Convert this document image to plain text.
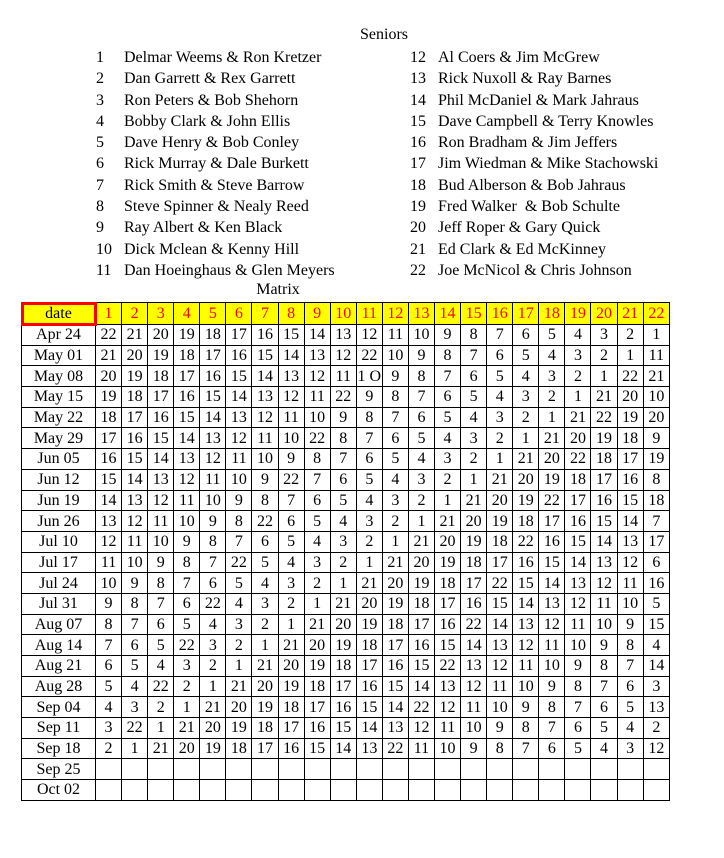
Seniors
1 Delmar Weems & Ron Kretzer
2 Dan Garrett & Rex Garrett
3 Ron Peters & Bob Shehorn
4 Bobby Clark & John Ellis
5 Dave Henry & Bob Conley
6 Rick Murray & Dale Burkett
7 Rick Smith & Steve Barrow
8 Steve Spinner & Nealy Reed
9 Ray Albert & Ken Black
10 Dick Mclean & Kenny Hill
11 Dan Hoeinghaus & Glen Meyers
12 Al Coers & Jim McGrew
13 Rick Nuxoll & Ray Barnes
14 Phil McDaniel & Mark Jahraus
15 Dave Campbell & Terry Knowles
16 Ron Bradham & Jim Jeffers
17 Jim Wiedman & Mike Stachowski
18 Bud Alberson & Bob Jahraus
19 Fred Walker  & Bob Schulte
20 Jeff Roper & Gary Quick
21 Ed Clark & Ed McKinney
22 Joe McNicol & Chris Johnson
Matrix
date	1	2	3	4	5	6	7	8	9	10	11	12	13	14	15	16	17	18	19	20	21	22
Apr 24	22	21	20	19	18	17	16	15	14	13	12	11	10	9	8	7	6	5	4	3	2	1
May 01	21	20	19	18	17	16	15	14	13	12	22	10	9	8	7	6	5	4	3	2	1	11
May 08	20	19	18	17	16	15	14	13	12	11	1 O	9	8	7	6	5	4	3	2	1	22	21
May 15	19	18	17	16	15	14	13	12	11	22	9	8	7	6	5	4	3	2	1	21	20	10
May 22	18	17	16	15	14	13	12	11	10	9	8	7	6	5	4	3	2	1	21	22	19	20
May 29	17	16	15	14	13	12	11	10	22	8	7	6	5	4	3	2	1	21	20	19	18	9
Jun 05	16	15	14	13	12	11	10	9	8	7	6	5	4	3	2	1	21	20	22	18	17	19
Jun 12	15	14	13	12	11	10	9	22	7	6	5	4	3	2	1	21	20	19	18	17	16	8
Jun 19	14	13	12	11	10	9	8	7	6	5	4	3	2	1	21	20	19	22	17	16	15	18
Jun 26	13	12	11	10	9	8	22	6	5	4	3	2	1	21	20	19	18	17	16	15	14	7
Jul 10	12	11	10	9	8	7	6	5	4	3	2	1	21	20	19	18	22	16	15	14	13	17
Jul 17	11	10	9	8	7	22	5	4	3	2	1	21	20	19	18	17	16	15	14	13	12	6
Jul 24	10	9	8	7	6	5	4	3	2	1	21	20	19	18	17	22	15	14	13	12	11	16
Jul 31	9	8	7	6	22	4	3	2	1	21	20	19	18	17	16	15	14	13	12	11	10	5
Aug 07	8	7	6	5	4	3	2	1	21	20	19	18	17	16	22	14	13	12	11	10	9	15
Aug 14	7	6	5	22	3	2	1	21	20	19	18	17	16	15	14	13	12	11	10	9	8	4
Aug 21	6	5	4	3	2	1	21	20	19	18	17	16	15	22	13	12	11	10	9	8	7	14
Aug 28	5	4	22	2	1	21	20	19	18	17	16	15	14	13	12	11	10	9	8	7	6	3
Sep 04	4	3	2	1	21	20	19	18	17	16	15	14	22	12	11	10	9	8	7	6	5	13
Sep 11	3	22	1	21	20	19	18	17	16	15	14	13	12	11	10	9	8	7	6	5	4	2
Sep 18	2	1	21	20	19	18	17	16	15	14	13	22	11	10	9	8	7	6	5	4	3	12
Sep 25																						
Oct 02																						
